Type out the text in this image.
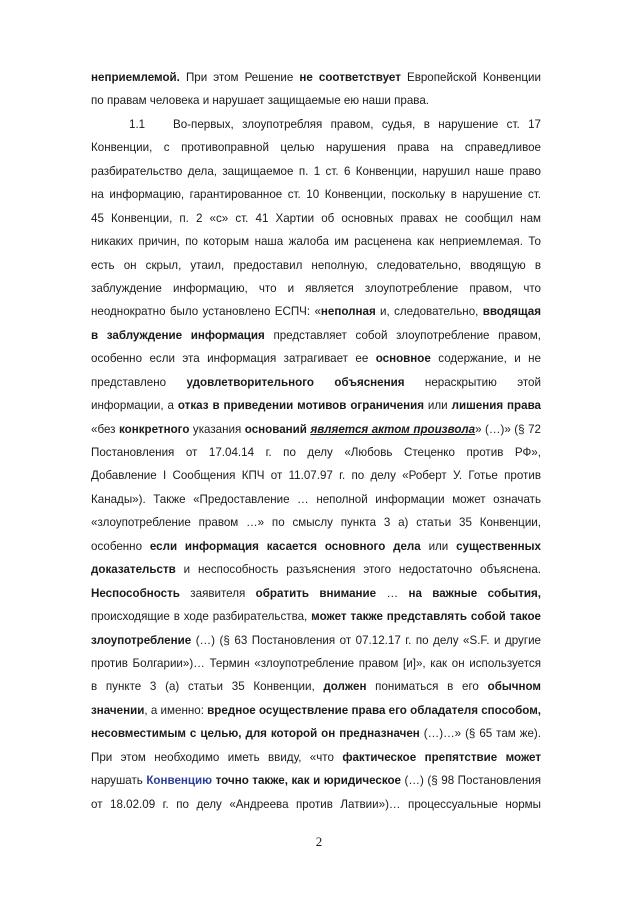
неприемлемой. При этом Решение не соответствует Европейской Конвенции
по правам человека и нарушает защищаемые ею наши права.
1.1 Во-первых, злоупотребляя правом, судья, в нарушение ст. 17
Конвенции, с противоправной целью нарушения права на справедливое
разбирательство дела, защищаемое п. 1 ст. 6 Конвенции, нарушил наше право
на информацию, гарантированное ст. 10 Конвенции, поскольку в нарушение ст.
45 Конвенции, п. 2 «с» ст. 41 Хартии об основных правах не сообщил нам
никаких причин, по которым наша жалоба им расценена как неприемлемая. То
есть он скрыл, утаил, предоставил неполную, следовательно, вводящую в
заблуждение информацию, что и является злоупотребление правом, что
неоднократно было установлено ЕСПЧ: «неполная и, следовательно, вводящая
в заблуждение информация представляет собой злоупотребление правом,
особенно если эта информация затрагивает ее основное содержание, и не
представлено удовлетворительного объяснения нераскрытию этой
информации, а отказ в приведении мотивов ограничения или лишения права
«без конкретного указания оснований является актом произвола» (…)» (§ 72
Постановления от 17.04.14 г. по делу «Любовь Стеценко против РФ»,
Добавление I Сообщения КПЧ от 11.07.97 г. по делу «Роберт У. Готье против
Канады»). Также «Предоставление … неполной информации может означать
«злоупотребление правом …» по смыслу пункта 3 а) статьи 35 Конвенции,
особенно если информация касается основного дела или существенных
доказательств и неспособность разъяснения этого недостаточно объяснена.
Неспособность заявителя обратить внимание … на важные события,
происходящие в ходе разбирательства, может также представлять собой такое
злоупотребление (…) (§ 63 Постановления от 07.12.17 г. по делу «S.F. и другие
против Болгарии»)… Термин «злоупотребление правом [и]», как он используется
в пункте 3 (а) статьи 35 Конвенции, должен пониматься в его обычном
значении, а именно: вредное осуществление права его обладателя способом,
несовместимым с целью, для которой он предназначен (…)…» (§ 65 там же).
При этом необходимо иметь ввиду, «что фактическое препятствие может
нарушать Конвенцию точно также, как и юридическое (…) (§ 98 Постановления
от 18.02.09 г. по делу «Андреева против Латвии»)… процессуальные нормы
2
